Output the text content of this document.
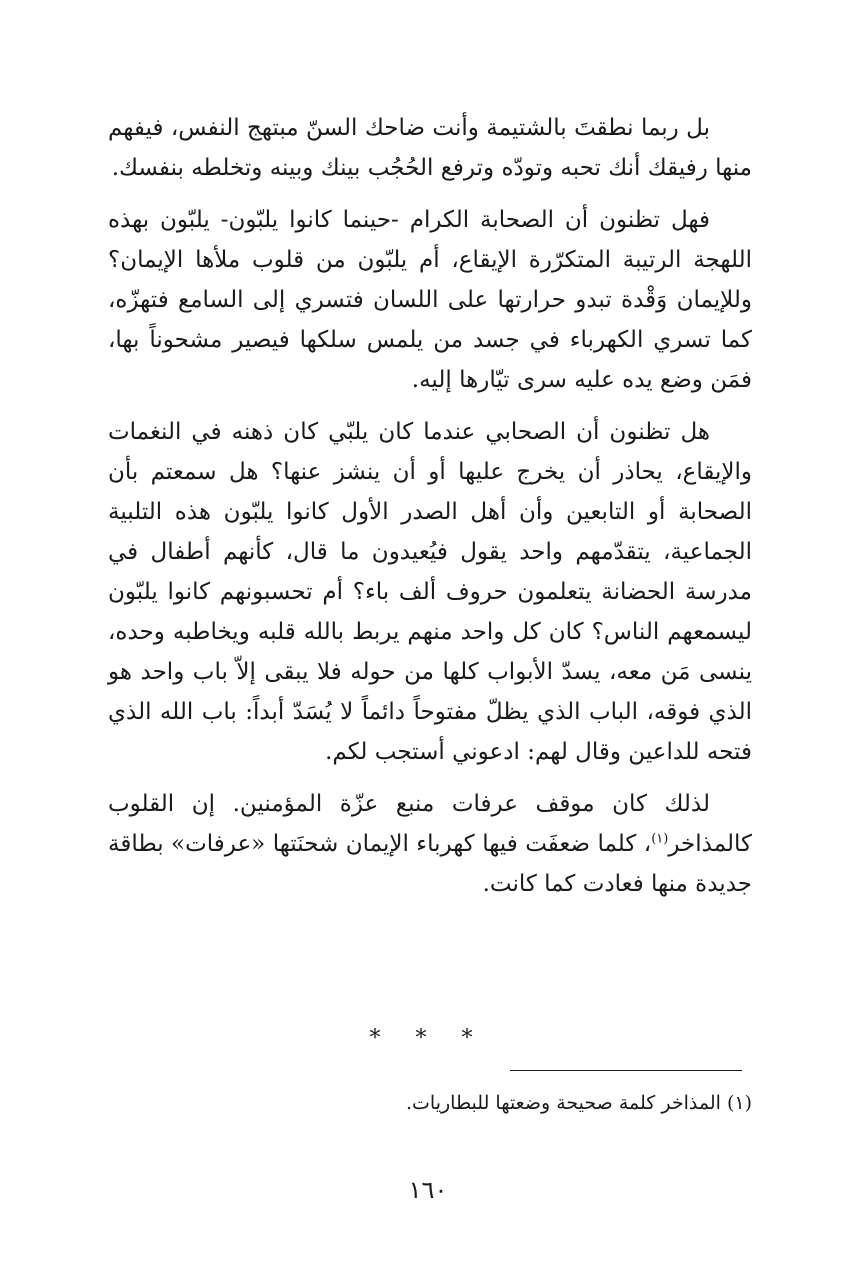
بل ربما نطقتَ بالشتيمة وأنت ضاحك السنّ مبتهج النفس، فيفهم منها رفيقك أنك تحبه وتودّه وترفع الحُجُب بينك وبينه وتخلطه بنفسك.

فهل تظنون أن الصحابة الكرام -حينما كانوا يلبّون- يلبّون بهذه اللهجة الرتيبة المتكرّرة الإيقاع، أم يلبّون من قلوب ملأها الإيمان؟ وللإيمان وَقْدة تبدو حرارتها على اللسان فتسري إلى السامع فتهزّه، كما تسري الكهرباء في جسد من يلمس سلكها فيصير مشحوناً بها، فمَن وضع يده عليه سرى تيّارها إليه.

هل تظنون أن الصحابي عندما كان يلبّي كان ذهنه في النغمات والإيقاع، يحاذر أن يخرج عليها أو أن ينشز عنها؟ هل سمعتم بأن الصحابة أو التابعين وأن أهل الصدر الأول كانوا يلبّون هذه التلبية الجماعية، يتقدّمهم واحد يقول فيُعيدون ما قال، كأنهم أطفال في مدرسة الحضانة يتعلمون حروف ألف باء؟ أم تحسبونهم كانوا يلبّون ليسمعهم الناس؟ كان كل واحد منهم يربط بالله قلبه ويخاطبه وحده، ينسى مَن معه، يسدّ الأبواب كلها من حوله فلا يبقى إلاّ باب واحد هو الذي فوقه، الباب الذي يظلّ مفتوحاً دائماً لا يُسَدّ أبداً: باب الله الذي فتحه للداعين وقال لهم: ادعوني أستجب لكم.

لذلك كان موقف عرفات منبع عزّة المؤمنين. إن القلوب كالمذاخر$^{(١)}$، كلما ضعفَت فيها كهرباء الإيمان شحنَتها «عرفات» بطاقة جديدة منها فعادت كما كانت.

* * *
(١) المذاخر كلمة صحيحة وضعتها للبطاريات.
١٦٠
